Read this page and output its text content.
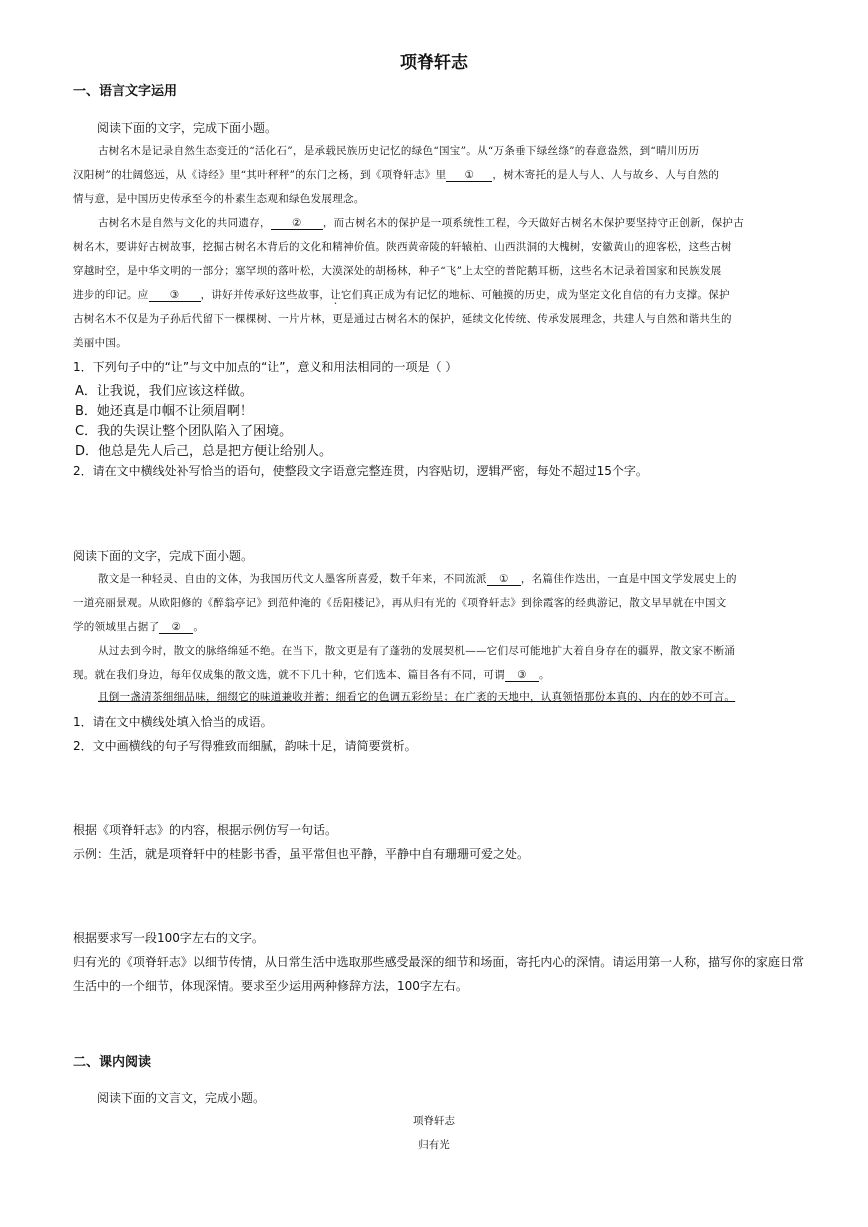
项脊轩志
一、语言文字运用
阅读下面的文字，完成下面小题。
古树名木是记录自然生态变迁的“活化石”，是承载民族历史记忆的绿色“国宝”。从“万条垂下绿丝绦”的春意盎然，到“晴川历历
汉阳树”的壮阔悠远，从《诗经》里“其叶秤秤”的东门之杨，到《项脊轩志》里 ① ，树木寄托的是人与人、人与故乡、人与自然的
情与意，是中国历史传承至今的朴素生态观和绿色发展理念。
古树名木是自然与文化的共同遗存， ② ，而古树名木的保护是一项系统性工程，今天做好古树名木保护要坚持守正创新，保护古
树名木，要讲好古树故事，挖掘古树名木背后的文化和精神价值。陕西黄帝陵的轩辕柏、山西洪洞的大槐树，安徽黄山的迎客松，这些古树
穿越时空，是中华文明的一部分；塞罕坝的落叶松，大漠深处的胡杨林，种子“飞”上太空的普陀鹅耳枥，这些名木记录着国家和民族发展
进步的印记。应 ③ ，讲好并传承好这些故事，让它们真正成为有记忆的地标、可触摸的历史，成为坚定文化自信的有力支撑。保护
古树名木不仅是为子孙后代留下一棵棵树、一片片林，更是通过古树名木的保护，延续文化传统、传承发展理念，共建人与自然和谐共生的
美丽中国。
1．下列句子中的“让”与文中加点的“让”，意义和用法相同的一项是（ ）
A．让我说，我们应该这样做。
B．她还真是巾帼不让须眉啊！
C．我的失误让整个团队陷入了困境。
D．他总是先人后己，总是把方便让给别人。
2．请在文中横线处补写恰当的语句，使整段文字语意完整连贯，内容贴切，逻辑严密，每处不超过15个字。
阅读下面的文字，完成下面小题。
散文是一种轻灵、自由的文体，为我国历代文人墨客所喜爱，数千年来，不同流派 ① ，名篇佳作迭出，一直是中国文学发展史上的
一道亮丽景观。从欧阳修的《醉翁亭记》到范仲淹的《岳阳楼记》，再从归有光的《项脊轩志》到徐霞客的经典游记，散文早早就在中国文
学的领域里占据了 ② 。
从过去到今时，散文的脉络绵延不绝。在当下，散文更是有了蓬勃的发展契机——它们尽可能地扩大着自身存在的疆界，散文家不断涌
现。就在我们身边，每年仅成集的散文选，就不下几十种，它们选本、篇目各有不同，可谓 ③ 。
且倒一盏清茶细细品味，细缀它的味道兼收并蓄；细看它的色调五彩纷呈；在广袤的天地中，认真领悟那份本真的、内在的妙不可言。
1．请在文中横线处填入恰当的成语。
2．文中画横线的句子写得雅致而细腻，韵味十足，请简要赏析。
根据《项脊轩志》的内容，根据示例仿写一句话。
示例：生活，就是项脊轩中的桂影书香，虽平常但也平静，平静中自有珊珊可爱之处。
根据要求写一段100字左右的文字。
归有光的《项脊轩志》以细节传情，从日常生活中选取那些感受最深的细节和场面，寄托内心的深情。请运用第一人称，描写你的家庭日常
生活中的一个细节，体现深情。要求至少运用两种修辞方法，100字左右。
二、课内阅读
阅读下面的文言文，完成小题。
项脊轩志
归有光
